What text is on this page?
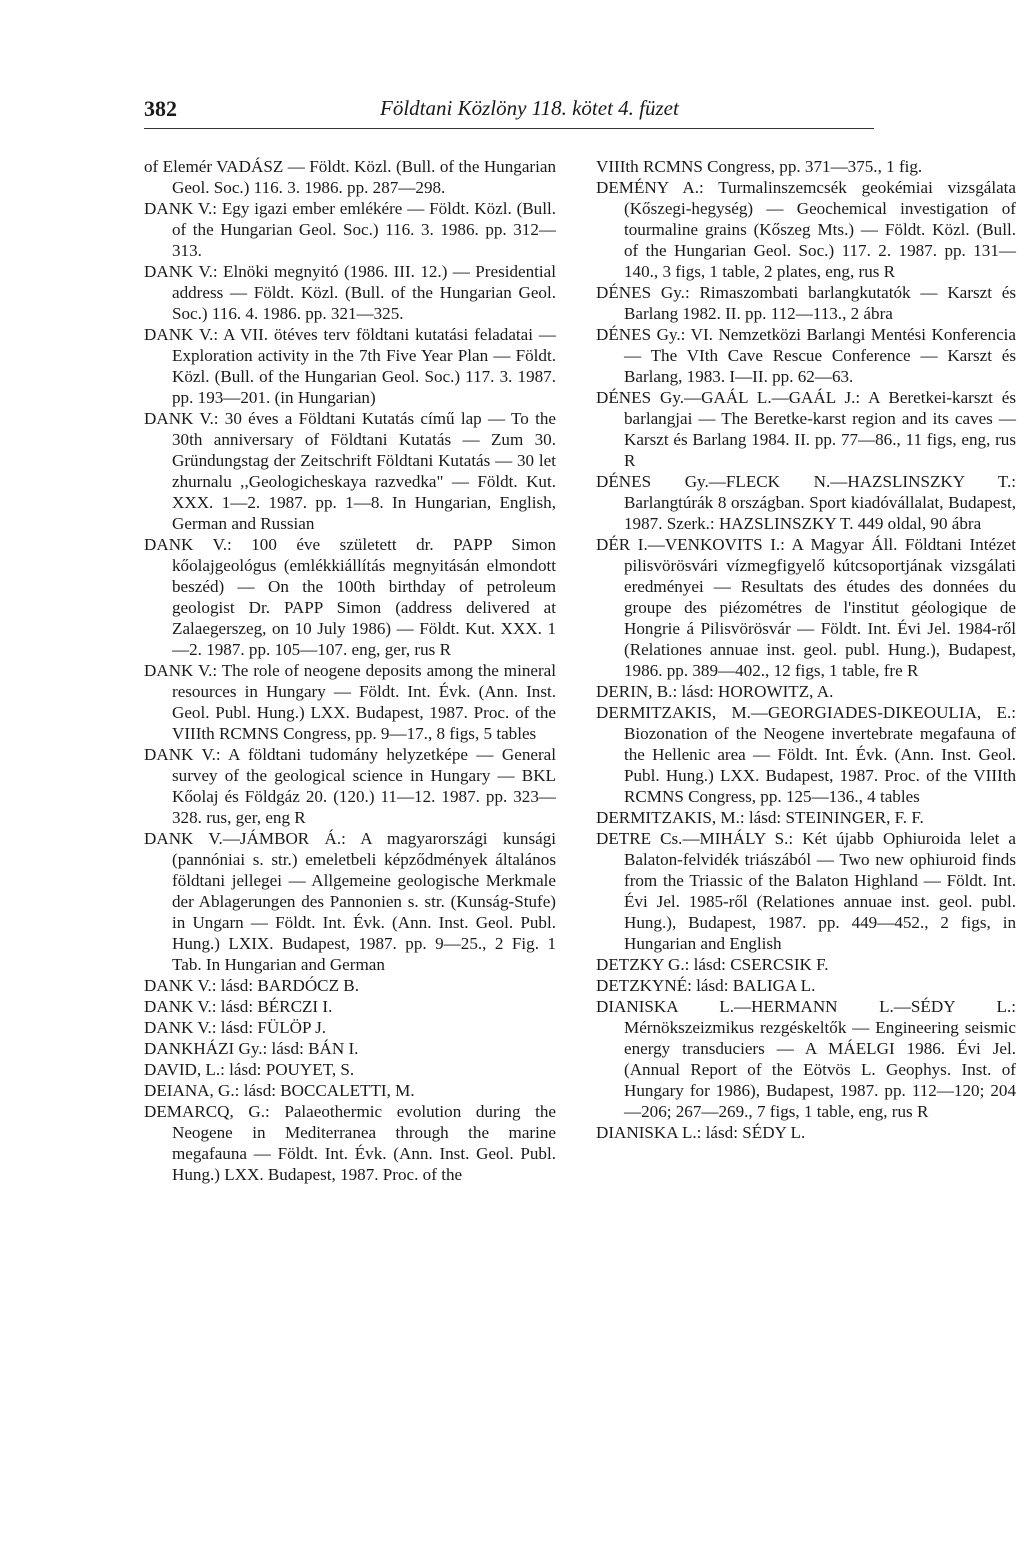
382	Földtani Közlöny 118. kötet 4. füzet

of Elemér VADÁSZ — Földt. Közl. (Bull. of the Hungarian Geol. Soc.) 116. 3. 1986. pp. 287—298.

DANK V.: Egy igazi ember emlékére — Földt. Közl. (Bull. of the Hungarian Geol. Soc.) 116. 3. 1986. pp. 312—313.

DANK V.: Elnöki megnyitó (1986. III. 12.) — Presidential address — Földt. Közl. (Bull. of the Hungarian Geol. Soc.) 116. 4. 1986. pp. 321—325.

DANK V.: A VII. ötéves terv földtani kutatási feladatai — Exploration activity in the 7th Five Year Plan — Földt. Közl. (Bull. of the Hungarian Geol. Soc.) 117. 3. 1987. pp. 193—201. (in Hungarian)

DANK V.: 30 éves a Földtani Kutatás című lap — To the 30th anniversary of Földtani Kutatás — Zum 30. Gründungstag der Zeitschrift Földtani Kutatás — 30 let zhurnalu ,,Geologicheskaya razvedka" — Földt. Kut. XXX. 1—2. 1987. pp. 1—8. In Hungarian, English, German and Russian

DANK V.: 100 éve született dr. PAPP Simon kőolajgeológus (emlékkiállítás megnyitásán elmondott beszéd) — On the 100th birthday of petroleum geologist Dr. PAPP Simon (address delivered at Zalaegerszeg, on 10 July 1986) — Földt. Kut. XXX. 1—2. 1987. pp. 105—107. eng, ger, rus R

DANK V.: The role of neogene deposits among the mineral resources in Hungary — Földt. Int. Évk. (Ann. Inst. Geol. Publ. Hung.) LXX. Budapest, 1987. Proc. of the VIIIth RCMNS Congress, pp. 9—17., 8 figs, 5 tables

DANK V.: A földtani tudomány helyzetképe — General survey of the geological science in Hungary — BKL Kőolaj és Földgáz 20. (120.) 11—12. 1987. pp. 323—328. rus, ger, eng R

DANK V.—JÁMBOR Á.: A magyarországi kunsági (pannóniai s. str.) emeletbeli képződmények általános földtani jellegei — Allgemeine geologische Merkmale der Ablagerungen des Pannonien s. str. (Kunság-Stufe) in Ungarn — Földt. Int. Évk. (Ann. Inst. Geol. Publ. Hung.) LXIX. Budapest, 1987. pp. 9—25., 2 Fig. 1 Tab. In Hungarian and German

DANK V.: lásd: BARDÓCZ B.

DANK V.: lásd: BÉRCZI I.

DANK V.: lásd: FÜLÖP J.

DANKHÁZI Gy.: lásd: BÁN I.

DAVID, L.: lásd: POUYET, S.

DEIANA, G.: lásd: BOCCALETTI, M.

DEMARCQ, G.: Palaeothermic evolution during the Neogene in Mediterranea through the marine megafauna — Földt. Int. Évk. (Ann. Inst. Geol. Publ. Hung.) LXX. Budapest, 1987. Proc. of the

VIIIth RCMNS Congress, pp. 371—375., 1 fig.

DEMÉNY A.: Turmalinszemcsék geokémiai vizsgálata (Kőszegi-hegység) — Geochemical investigation of tourmaline grains (Kőszeg Mts.) — Földt. Közl. (Bull. of the Hungarian Geol. Soc.) 117. 2. 1987. pp. 131—140., 3 figs, 1 table, 2 plates, eng, rus R

DÉNES Gy.: Rimaszombati barlangkutatók — Karszt és Barlang 1982. II. pp. 112—113., 2 ábra

DÉNES Gy.: VI. Nemzetközi Barlangi Mentési Konferencia — The VIth Cave Rescue Conference — Karszt és Barlang, 1983. I—II. pp. 62—63.

DÉNES Gy.—GAÁL L.—GAÁL J.: A Beretkei-karszt és barlangjai — The Beretke-karst region and its caves — Karszt és Barlang 1984. II. pp. 77—86., 11 figs, eng, rus R

DÉNES Gy.—FLECK N.—HAZSLINSZKY T.: Barlangtúrák 8 országban. Sport kiadóvállalat, Budapest, 1987. Szerk.: HAZSLINSZKY T. 449 oldal, 90 ábra

DÉR I.—VENKOVITS I.: A Magyar Áll. Földtani Intézet pilisvörösvári vízmegfigyelő kútcsoportjának vizsgálati eredményei — Resultats des études des données du groupe des piézométres de l'institut géologique de Hongrie á Pilisvörösvár — Földt. Int. Évi Jel. 1984-ről (Relationes annuae inst. geol. publ. Hung.), Budapest, 1986. pp. 389—402., 12 figs, 1 table, fre R

DERIN, B.: lásd: HOROWITZ, A.

DERMITZAKIS, M.—GEORGIADES-DIKEOULIA, E.: Biozonation of the Neogene invertebrate megafauna of the Hellenic area — Földt. Int. Évk. (Ann. Inst. Geol. Publ. Hung.) LXX. Budapest, 1987. Proc. of the VIIIth RCMNS Congress, pp. 125—136., 4 tables

DERMITZAKIS, M.: lásd: STEININGER, F. F.

DETRE Cs.—MIHÁLY S.: Két újabb Ophiuroida lelet a Balaton-felvidék triászából — Two new ophiuroid finds from the Triassic of the Balaton Highland — Földt. Int. Évi Jel. 1985-ről (Relationes annuae inst. geol. publ. Hung.), Budapest, 1987. pp. 449—452., 2 figs, in Hungarian and English

DETZKY G.: lásd: CSERCSIK F.

DETZKYNÉ: lásd: BALIGA L.

DIANISKA L.—HERMANN L.—SÉDY L.: Mérnökszeizmikus rezgéskeltők — Engineering seismic energy transduciers — A MÁELGI 1986. Évi Jel. (Annual Report of the Eötvös L. Geophys. Inst. of Hungary for 1986), Budapest, 1987. pp. 112—120; 204—206; 267—269., 7 figs, 1 table, eng, rus R

DIANISKA L.: lásd: SÉDY L.
